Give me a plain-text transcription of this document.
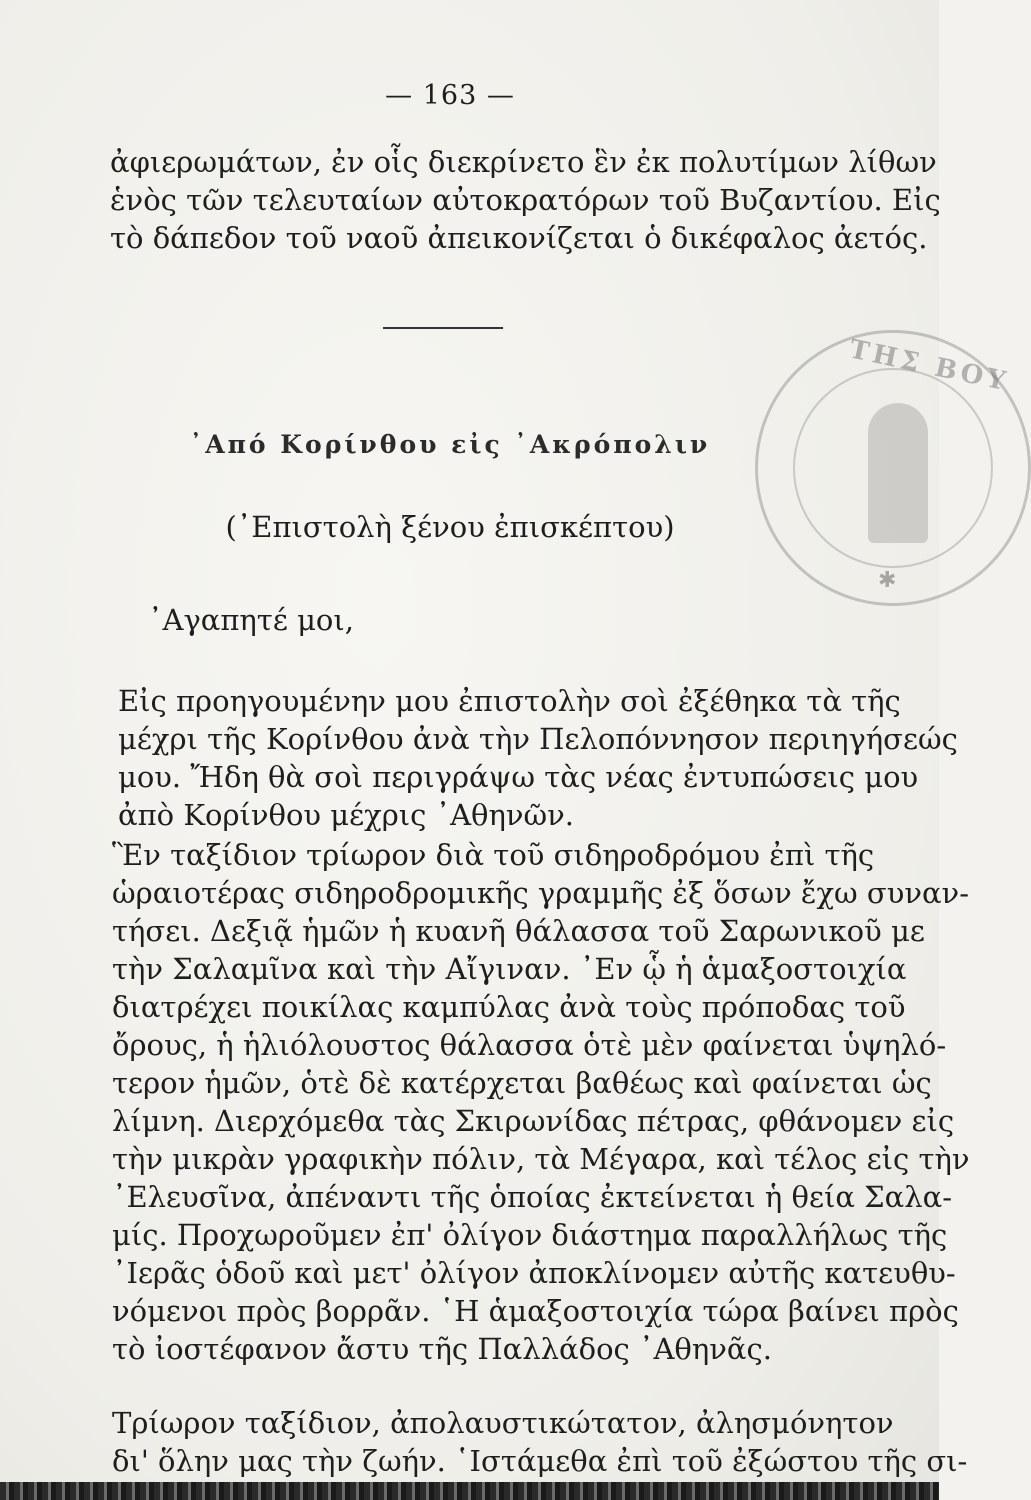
— 163 —
ἀφιερωμάτων, ἐν οἷς διεκρίνετο ἓν ἐκ πολυτίμων λίθων
ἑνὸς τῶν τελευταίων αὐτοκρατόρων τοῦ Βυζαντίου. Εἰς
τὸ δάπεδον τοῦ ναοῦ ἀπεικονίζεται ὁ δικέφαλος ἀετός.
᾿Από Κορίνθου εἰς ᾿Ακρόπολιν
(᾿Επιστολὴ ξένου ἐπισκέπτου)
᾿Αγαπητέ μοι,
Εἰς προηγουμένην μου ἐπιστολὴν σοὶ ἐξέθηκα τὰ τῆς
μέχρι τῆς Κορίνθου ἀνὰ τὴν Πελοπόννησον περιηγήσεώς
μου. Ἤδη θὰ σοὶ περιγράψω τὰς νέας ἐντυπώσεις μου
ἀπὸ Κορίνθου μέχρις ᾿Αθηνῶν.
Ἓν ταξίδιον τρίωρον διὰ τοῦ σιδηροδρόμου ἐπὶ τῆς
ὡραιοτέρας σιδηροδρομικῆς γραμμῆς ἐξ ὅσων ἔχω συναν-
τήσει. Δεξιᾷ ἡμῶν ἡ κυανῆ θάλασσα τοῦ Σαρωνικοῦ με
τὴν Σαλαμῖνα καὶ τὴν Αἴγιναν. ᾿Εν ᾧ ἡ ἁμαξοστοιχία
διατρέχει ποικίλας καμπύλας ἀνὰ τοὺς πρόποδας τοῦ
ὄρους, ἡ ἡλιόλουστος θάλασσα ὁτὲ μὲν φαίνεται ὑψηλό-
τερον ἡμῶν, ὁτὲ δὲ κατέρχεται βαθέως καὶ φαίνεται ὡς
λίμνη. Διερχόμεθα τὰς Σκιρωνίδας πέτρας, φθάνομεν εἰς
τὴν μικρὰν γραφικὴν πόλιν, τὰ Μέγαρα, καὶ τέλος εἰς τὴν
᾿Ελευσῖνα, ἀπέναντι τῆς ὁποίας ἐκτείνεται ἡ θεία Σαλα-
μίς. Προχωροῦμεν ἐπ' ὀλίγον διάστημα παραλλήλως τῆς
᾿Ιερᾶς ὁδοῦ καὶ μετ' ὀλίγον ἀποκλίνομεν αὐτῆς κατευθυ-
νόμενοι πρὸς βορρᾶν. ῾Η ἁμαξοστοιχία τώρα βαίνει πρὸς
τὸ ἰοστέφανον ἄστυ τῆς Παλλάδος ᾿Αθηνᾶς.
Τρίωρον ταξίδιον, ἀπολαυστικώτατον, ἀλησμόνητον
δι' ὅλην μας τὴν ζωήν. ῾Ιστάμεθα ἐπὶ τοῦ ἐξώστου τῆς σι-
ΤΗΣ ΒΟΥ
✱
